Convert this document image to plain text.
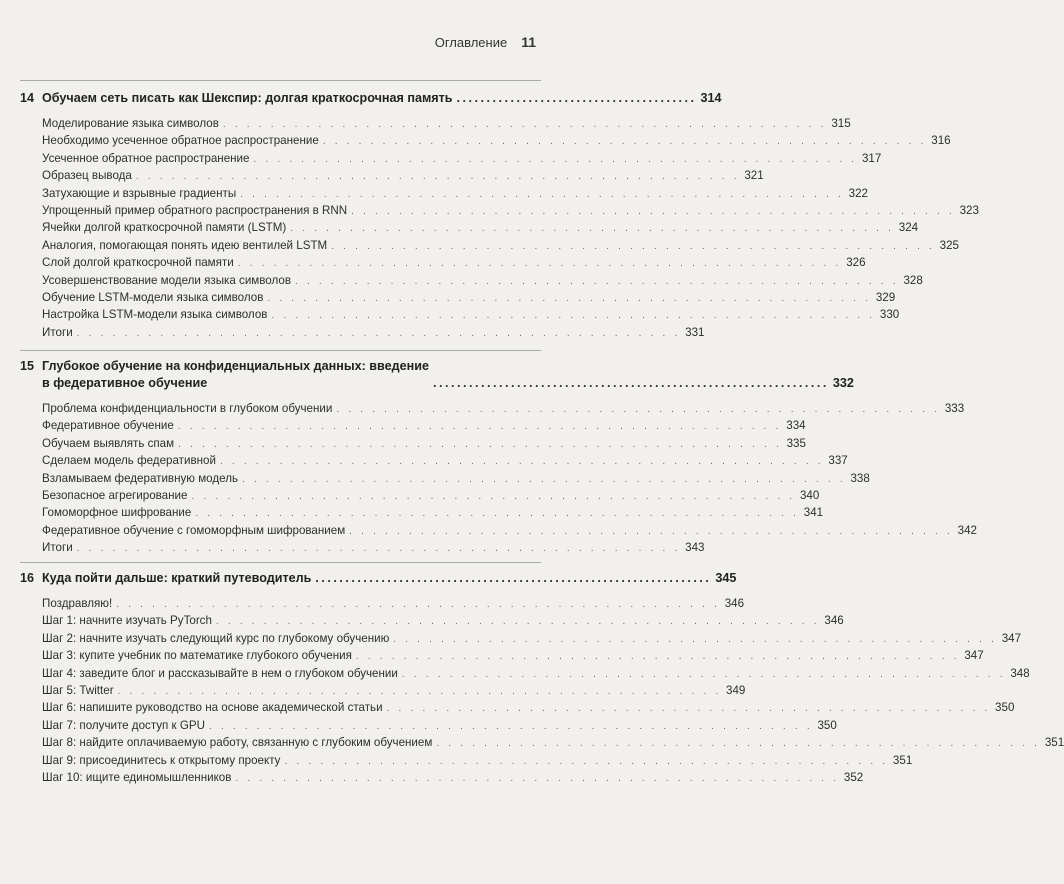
Оглавление 11
14 Обучаем сеть писать как Шекспир: долгая краткосрочная память ........................................ 314
Моделирование языка символов . . . . . . . . . . . . . . . . . . . . . . . . . . . . . . . . . . . . . . . . . . . . . . . . . . . 315
Необходимо усеченное обратное распространение . . . . . . . . . . . . . . . . . . . . . . . . . . . . . . . . . . . . . . . . . . . . . . . . . . . 316
Усеченное обратное распространение . . . . . . . . . . . . . . . . . . . . . . . . . . . . . . . . . . . . . . . . . . . . . . . . . . . 317
Образец вывода . . . . . . . . . . . . . . . . . . . . . . . . . . . . . . . . . . . . . . . . . . . . . . . . . . . 321
Затухающие и взрывные градиенты . . . . . . . . . . . . . . . . . . . . . . . . . . . . . . . . . . . . . . . . . . . . . . . . . . . 322
Упрощенный пример обратного распространения в RNN . . . . . . . . . . . . . . . . . . . . . . . . . . . . . . . . . . . . . . . . . . . . . . . . . . . 323
Ячейки долгой краткосрочной памяти (LSTM) . . . . . . . . . . . . . . . . . . . . . . . . . . . . . . . . . . . . . . . . . . . . . . . . . . . 324
Аналогия, помогающая понять идею вентилей LSTM . . . . . . . . . . . . . . . . . . . . . . . . . . . . . . . . . . . . . . . . . . . . . . . . . . . 325
Слой долгой краткосрочной памяти . . . . . . . . . . . . . . . . . . . . . . . . . . . . . . . . . . . . . . . . . . . . . . . . . . . 326
Усовершенствование модели языка символов . . . . . . . . . . . . . . . . . . . . . . . . . . . . . . . . . . . . . . . . . . . . . . . . . . . 328
Обучение LSTM-модели языка символов . . . . . . . . . . . . . . . . . . . . . . . . . . . . . . . . . . . . . . . . . . . . . . . . . . . 329
Настройка LSTM-модели языка символов . . . . . . . . . . . . . . . . . . . . . . . . . . . . . . . . . . . . . . . . . . . . . . . . . . . 330
Итоги . . . . . . . . . . . . . . . . . . . . . . . . . . . . . . . . . . . . . . . . . . . . . . . . . . . 331
15 Глубокое обучение на конфиденциальных данных: введение
в федеративное обучение	.................................................................. 332
Проблема конфиденциальности в глубоком обучении . . . . . . . . . . . . . . . . . . . . . . . . . . . . . . . . . . . . . . . . . . . . . . . . . . . 333
Федеративное обучение . . . . . . . . . . . . . . . . . . . . . . . . . . . . . . . . . . . . . . . . . . . . . . . . . . . 334
Обучаем выявлять спам . . . . . . . . . . . . . . . . . . . . . . . . . . . . . . . . . . . . . . . . . . . . . . . . . . . 335
Сделаем модель федеративной . . . . . . . . . . . . . . . . . . . . . . . . . . . . . . . . . . . . . . . . . . . . . . . . . . . 337
Взламываем федеративную модель . . . . . . . . . . . . . . . . . . . . . . . . . . . . . . . . . . . . . . . . . . . . . . . . . . . 338
Безопасное агрегирование . . . . . . . . . . . . . . . . . . . . . . . . . . . . . . . . . . . . . . . . . . . . . . . . . . . 340
Гомоморфное шифрование . . . . . . . . . . . . . . . . . . . . . . . . . . . . . . . . . . . . . . . . . . . . . . . . . . . 341
Федеративное обучение с гомоморфным шифрованием . . . . . . . . . . . . . . . . . . . . . . . . . . . . . . . . . . . . . . . . . . . . . . . . . . . 342
Итоги . . . . . . . . . . . . . . . . . . . . . . . . . . . . . . . . . . . . . . . . . . . . . . . . . . . 343
16 Куда пойти дальше: краткий путеводитель .................................................................. 345
Поздравляю! . . . . . . . . . . . . . . . . . . . . . . . . . . . . . . . . . . . . . . . . . . . . . . . . . . . 346
Шаг 1: начните изучать PyTorch . . . . . . . . . . . . . . . . . . . . . . . . . . . . . . . . . . . . . . . . . . . . . . . . . . . 346
Шаг 2: начните изучать следующий курс по глубокому обучению . . . . . . . . . . . . . . . . . . . . . . . . . . . . . . . . . . . . . . . . . . . . . . . . . . . 347
Шаг 3: купите учебник по математике глубокого обучения . . . . . . . . . . . . . . . . . . . . . . . . . . . . . . . . . . . . . . . . . . . . . . . . . . . 347
Шаг 4: заведите блог и рассказывайте в нем о глубоком обучении . . . . . . . . . . . . . . . . . . . . . . . . . . . . . . . . . . . . . . . . . . . . . . . . . . . 348
Шаг 5: Twitter . . . . . . . . . . . . . . . . . . . . . . . . . . . . . . . . . . . . . . . . . . . . . . . . . . . 349
Шаг 6: напишите руководство на основе академической статьи . . . . . . . . . . . . . . . . . . . . . . . . . . . . . . . . . . . . . . . . . . . . . . . . . . . 350
Шаг 7: получите доступ к GPU . . . . . . . . . . . . . . . . . . . . . . . . . . . . . . . . . . . . . . . . . . . . . . . . . . . 350
Шаг 8: найдите оплачиваемую работу, связанную с глубоким обучением . . . . . . . . . . . . . . . . . . . . . . . . . . . . . . . . . . . . . . . . . . . . . . . . . . . 351
Шаг 9: присоединитесь к открытому проекту . . . . . . . . . . . . . . . . . . . . . . . . . . . . . . . . . . . . . . . . . . . . . . . . . . . 351
Шаг 10: ищите единомышленников . . . . . . . . . . . . . . . . . . . . . . . . . . . . . . . . . . . . . . . . . . . . . . . . . . . 352
